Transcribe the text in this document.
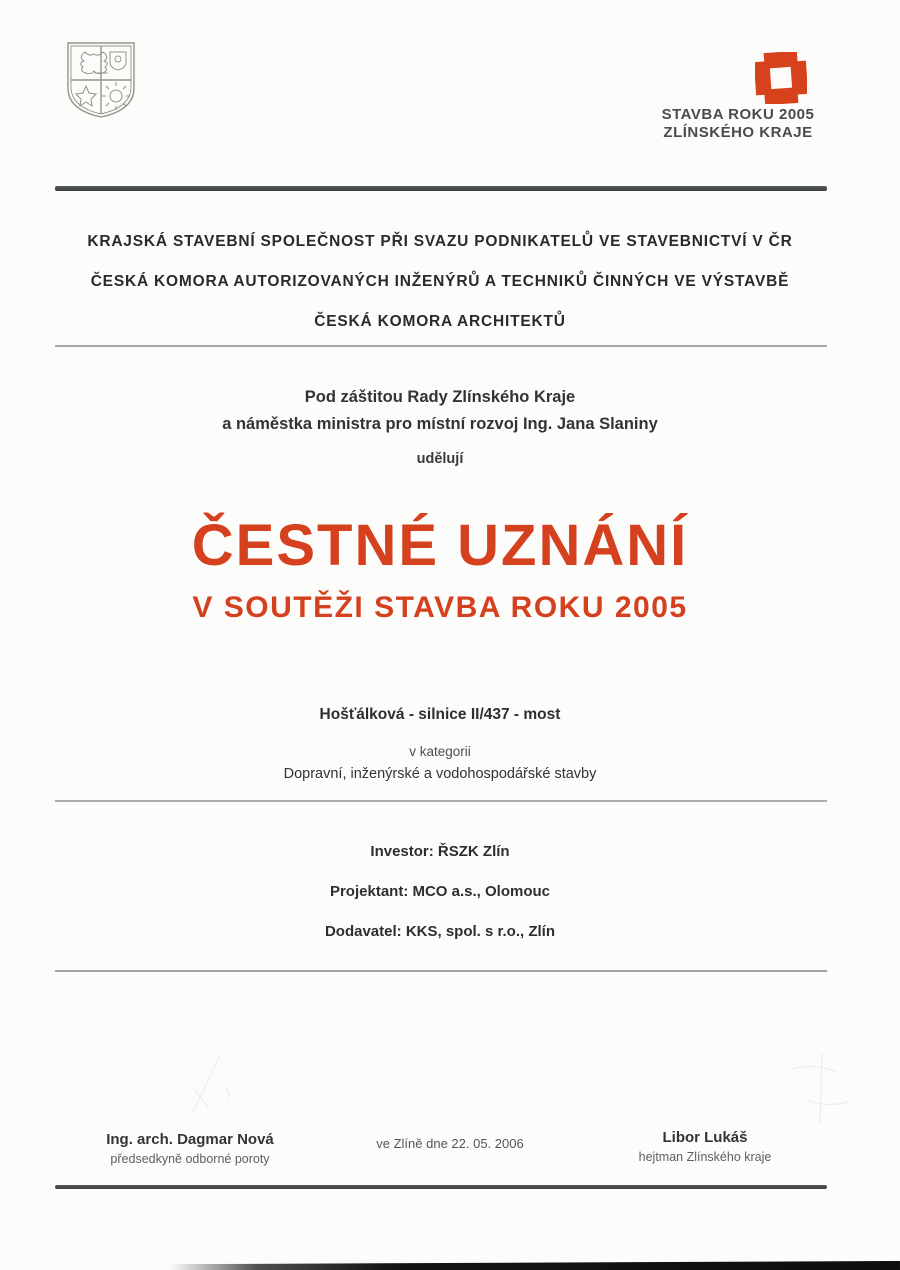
STAVBA ROKU 2005
ZLÍNSKÉHO KRAJE
KRAJSKÁ STAVEBNÍ SPOLEČNOST PŘI SVAZU PODNIKATELŮ VE STAVEBNICTVÍ V ČR
ČESKÁ KOMORA AUTORIZOVANÝCH INŽENÝRŮ A TECHNIKŮ ČINNÝCH VE VÝSTAVBĚ
ČESKÁ KOMORA ARCHITEKTŮ
Pod záštitou Rady Zlínského Kraje
a náměstka ministra pro místní rozvoj Ing. Jana Slaniny
udělují
ČESTNÉ UZNÁNÍ
V SOUTĚŽI STAVBA ROKU 2005
Hošťálková - silnice II/437 - most
v kategorii
Dopravní, inženýrské a vodohospodářské stavby
Investor: ŘSZK Zlín
Projektant: MCO a.s., Olomouc
Dodavatel: KKS, spol. s r.o., Zlín
Ing. arch. Dagmar Nová
předsedkyně odborné poroty
ve Zlíně dne 22. 05. 2006	Libor Lukáš
hejtman Zlínského kraje
